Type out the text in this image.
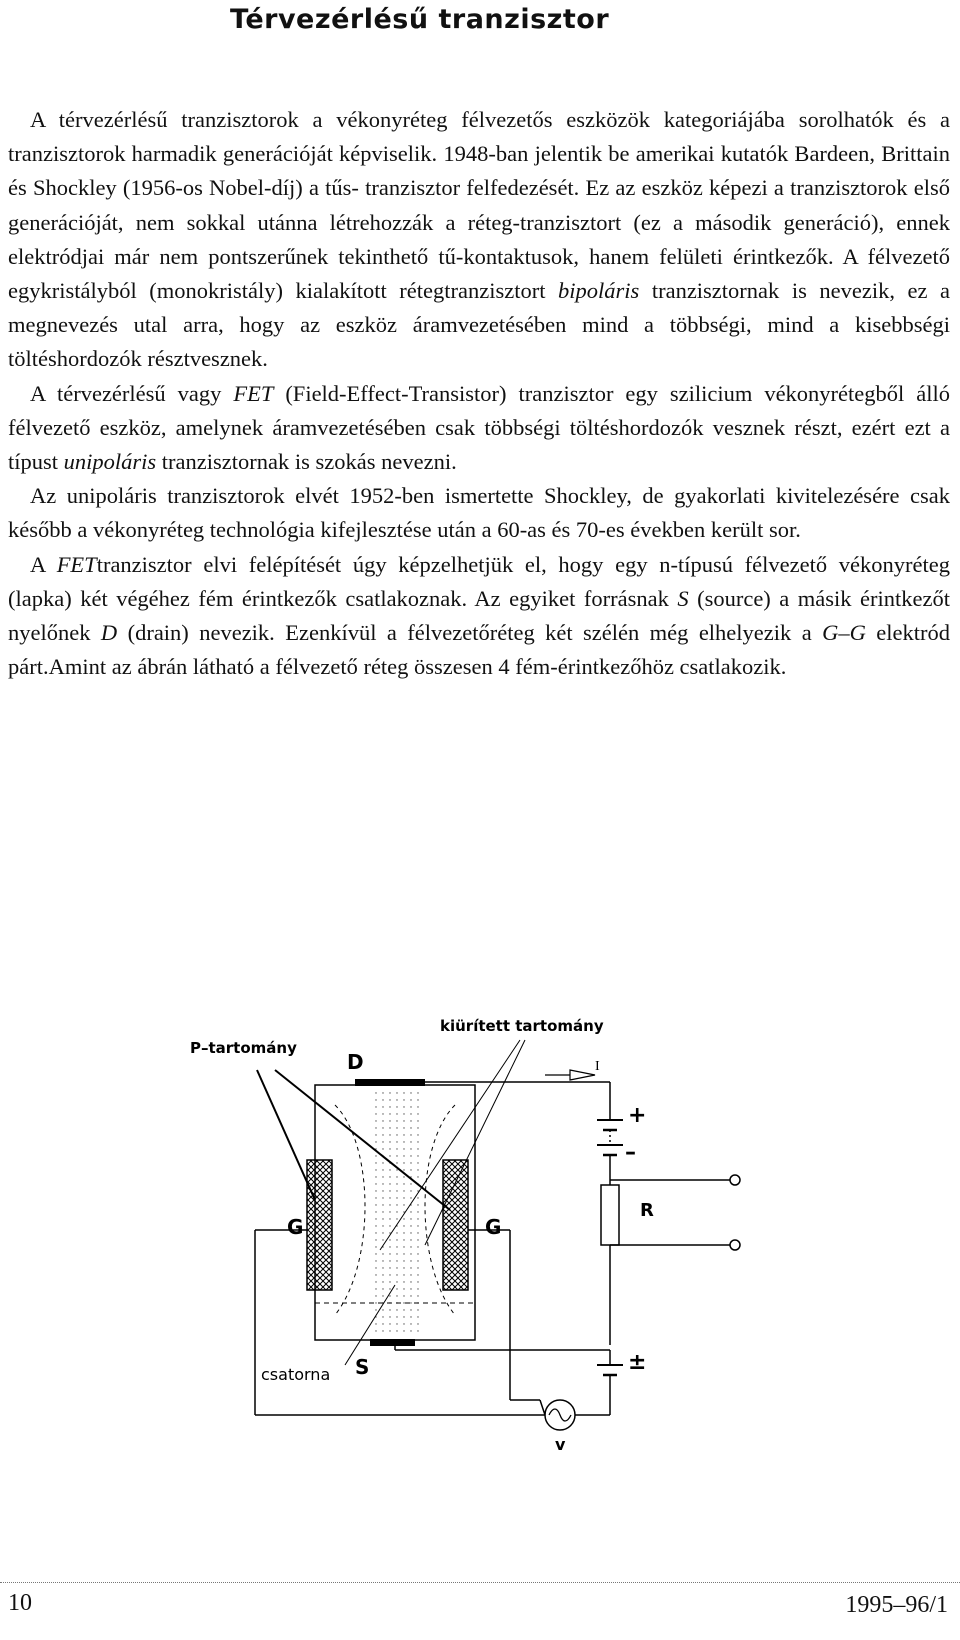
Térvezérlésű tranzisztor

A térvezérlésű tranzisztorok a vékonyréteg félvezetős eszközök kategoriájába sorolhatók és a tranzisztorok harmadik generációját képviselik. 1948-ban jelentik be amerikai kutatók Bardeen, Brittain és Shockley (1956-os Nobel-díj) a tűs- tranzisztor felfedezését. Ez az eszköz képezi a tranzisztorok első generációját, nem sokkal utánna létrehozzák a réteg-tranzisztort (ez a második generáció), ennek elektródjai már nem pontszerűnek tekinthető tű-kontaktusok, hanem felületi érintkezők. A félvezető egykristályból (monokristály) kialakított rétegtranzisztort bipoláris tranzisztornak is nevezik, ez a megnevezés utal arra, hogy az eszköz áramvezetésében mind a többségi, mind a kisebbségi töltéshordozók résztvesznek.

A térvezérlésű vagy FET (Field-Effect-Transistor) tranzisztor egy szilicium vékonyrétegből álló félvezető eszköz, amelynek áramvezetésében csak többségi töltéshordozók vesznek részt, ezért ezt a típust unipoláris tranzisztornak is szokás nevezni.

Az unipoláris tranzisztorok elvét 1952-ben ismertette Shockley, de gyakorlati kivitelezésére csak később a vékonyréteg technológia kifejlesztése után a 60-as és 70-es években került sor.

A FETtranzisztor elvi felépítését úgy képzelhetjük el, hogy egy n-típusú félvezető vékonyréteg (lapka) két végéhez fém érintkezők csatlakoznak. Az egyiket forrásnak S (source) a másik érintkezőt nyelőnek D (drain) nevezik. Ezenkívül a félvezetőréteg két szélén még elhelyezik a G–G elektród párt.Amint az ábrán látható a félvezető réteg összesen 4 fém-érintkezőhöz csatlakozik.

P–tartomány
kiürített tartomány
D
G	G
S
csatorna
I
+
–
R
±
v
10	1995–96/1
